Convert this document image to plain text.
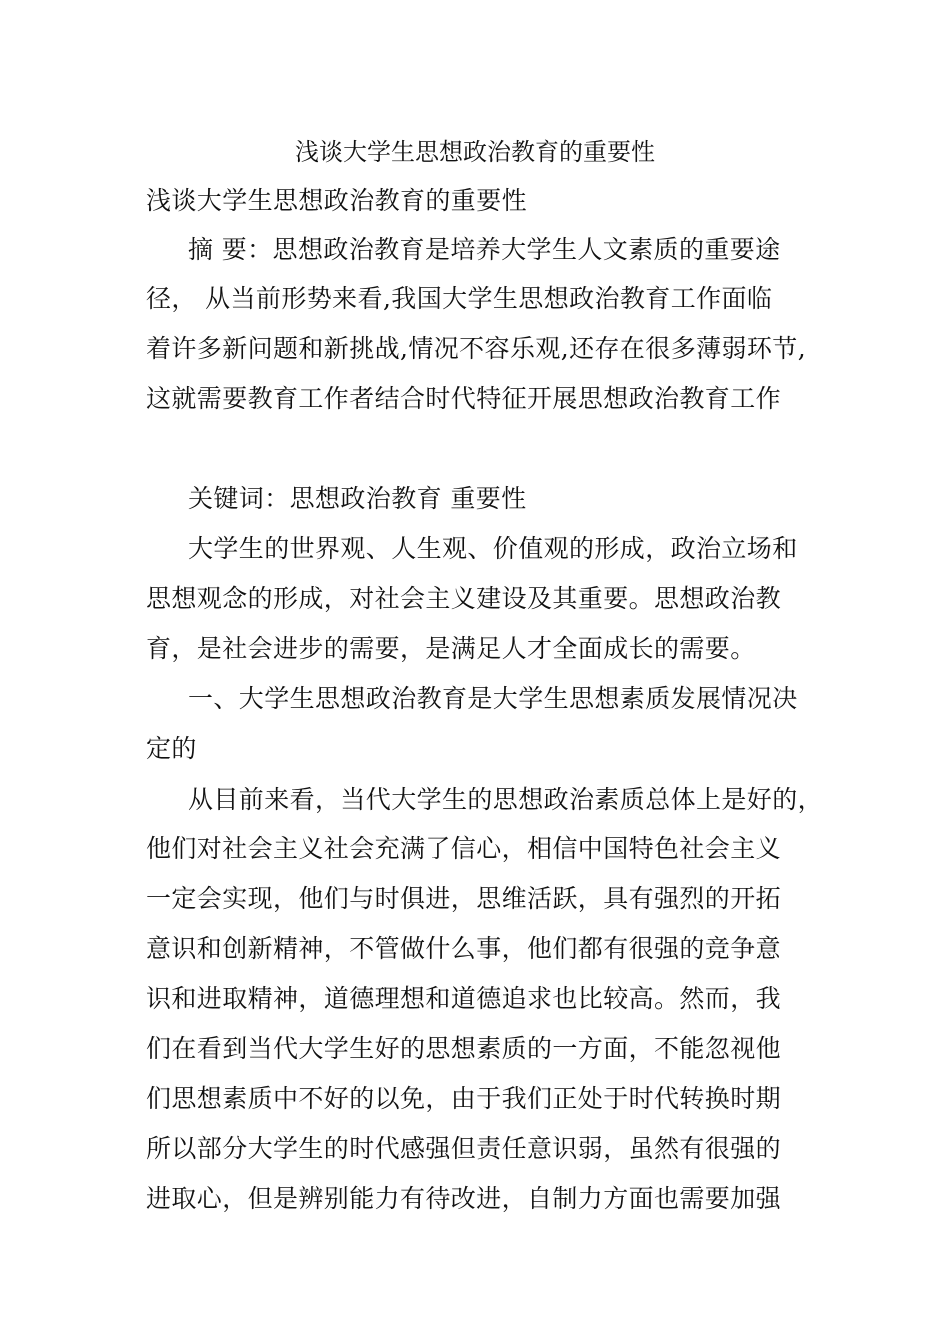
浅谈大学生思想政治教育的重要性
浅谈大学生思想政治教育的重要性
摘 要：思想政治教育是培养大学生人文素质的重要途
径， 从当前形势来看,我国大学生思想政治教育工作面临
着许多新问题和新挑战,情况不容乐观,还存在很多薄弱环节,
这就需要教育工作者结合时代特征开展思想政治教育工作
关键词：思想政治教育 重要性
大学生的世界观、人生观、价值观的形成，政治立场和
思想观念的形成，对社会主义建设及其重要。思想政治教
育，是社会进步的需要，是满足人才全面成长的需要。
一、大学生思想政治教育是大学生思想素质发展情况决
定的
从目前来看，当代大学生的思想政治素质总体上是好的，
他们对社会主义社会充满了信心，相信中国特色社会主义
一定会实现，他们与时俱进，思维活跃，具有强烈的开拓
意识和创新精神，不管做什么事，他们都有很强的竞争意
识和进取精神，道德理想和道德追求也比较高。然而，我
们在看到当代大学生好的思想素质的一方面，不能忽视他
们思想素质中不好的以免，由于我们正处于时代转换时期
所以部分大学生的时代感强但责任意识弱，虽然有很强的
进取心，但是辨别能力有待改进，自制力方面也需要加强
